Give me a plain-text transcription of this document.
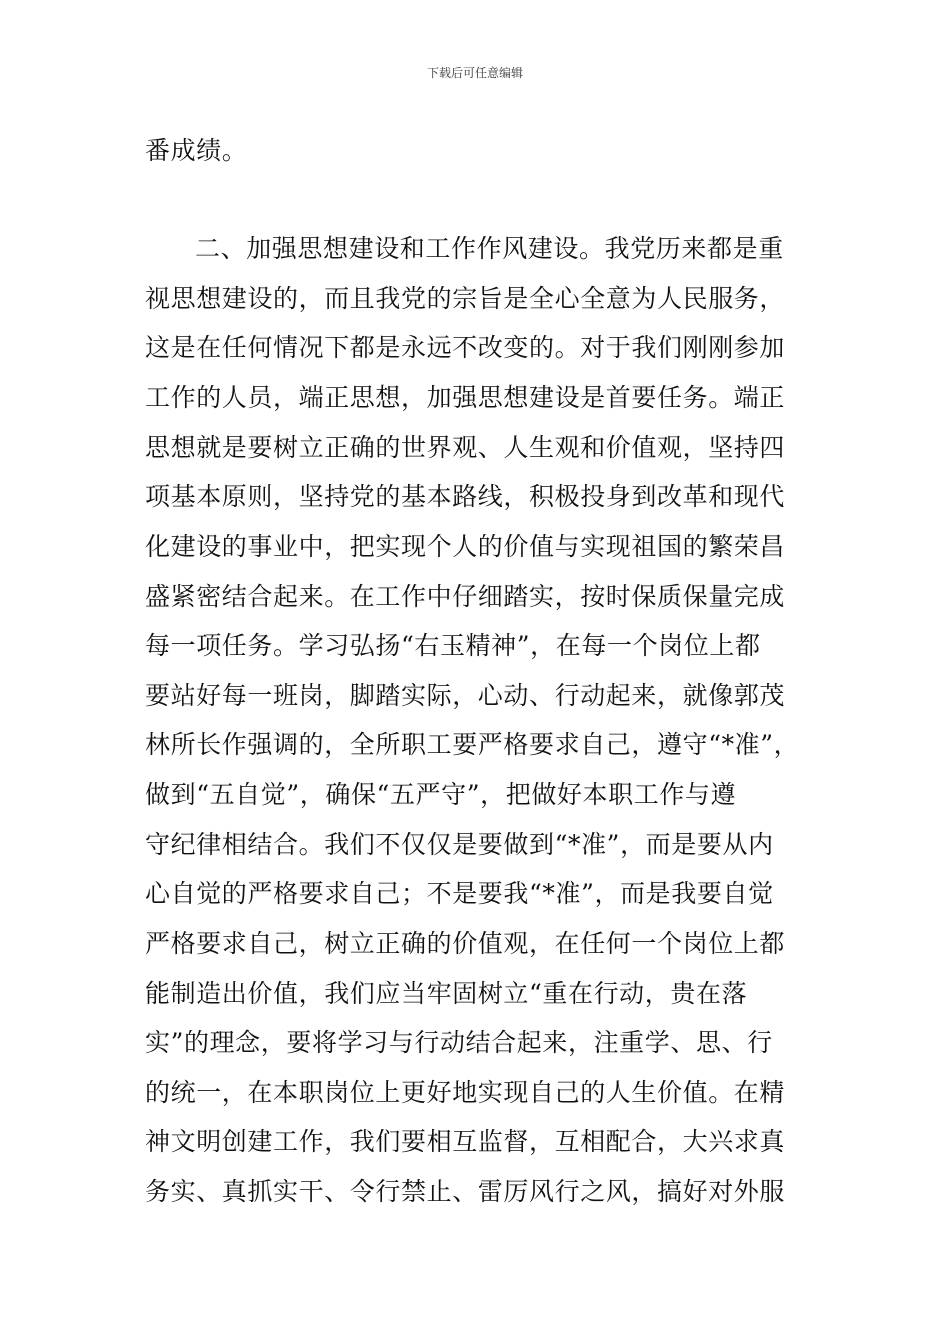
下载后可任意编辑
番成绩。
二、加强思想建设和工作作风建设。我党历来都是重
视思想建设的，而且我党的宗旨是全心全意为人民服务，
这是在任何情况下都是永远不改变的。对于我们刚刚参加
工作的人员，端正思想，加强思想建设是首要任务。端正
思想就是要树立正确的世界观、人生观和价值观，坚持四
项基本原则，坚持党的基本路线，积极投身到改革和现代
化建设的事业中，把实现个人的价值与实现祖国的繁荣昌
盛紧密结合起来。在工作中仔细踏实，按时保质保量完成
每一项任务。学习弘扬“右玉精神”，在每一个岗位上都
要站好每一班岗，脚踏实际，心动、行动起来，就像郭茂
林所长作强调的，全所职工要严格要求自己，遵守“*准”，
做到“五自觉”，确保“五严守”，把做好本职工作与遵
守纪律相结合。我们不仅仅是要做到“*准”，而是要从内
心自觉的严格要求自己；不是要我“*准”，而是我要自觉
严格要求自己，树立正确的价值观，在任何一个岗位上都
能制造出价值，我们应当牢固树立“重在行动，贵在落
实”的理念，要将学习与行动结合起来，注重学、思、行
的统一，在本职岗位上更好地实现自己的人生价值。在精
神文明创建工作，我们要相互监督，互相配合，大兴求真
务实、真抓实干、令行禁止、雷厉风行之风，搞好对外服
